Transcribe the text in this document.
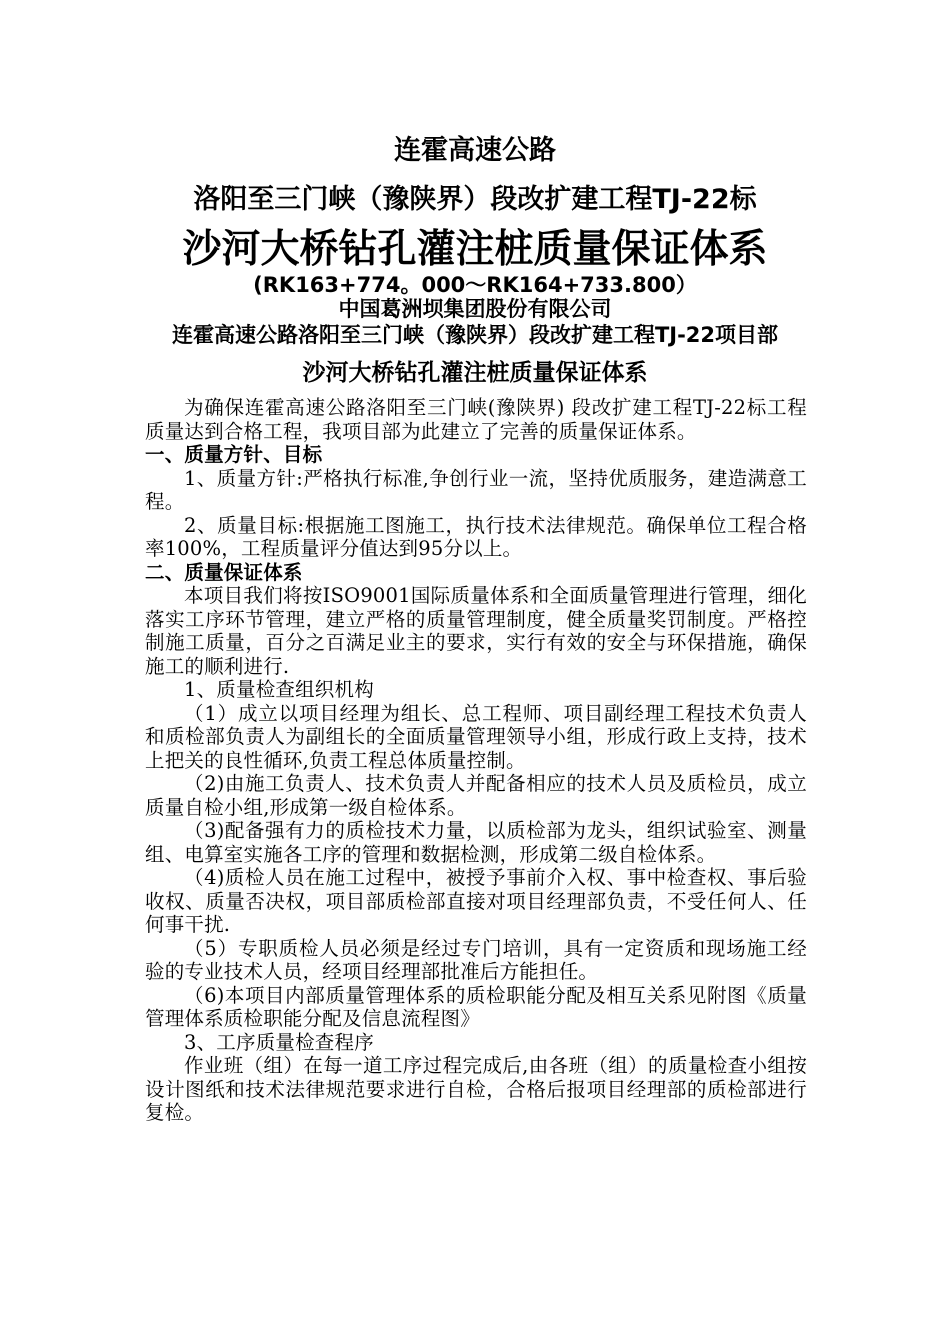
连霍高速公路
洛阳至三门峡（豫陕界）段改扩建工程TJ-22标
沙河大桥钻孔灌注桩质量保证体系
(RK163+774。000～RK164+733.800）
中国葛洲坝集团股份有限公司
连霍高速公路洛阳至三门峡（豫陕界）段改扩建工程TJ-22项目部
沙河大桥钻孔灌注桩质量保证体系

为确保连霍高速公路洛阳至三门峡(豫陕界) 段改扩建工程TJ-22标工程质量达到合格工程，我项目部为此建立了完善的质量保证体系。

一、质量方针、目标

1、质量方针:严格执行标准,争创行业一流，坚持优质服务，建造满意工程。

2、质量目标:根据施工图施工，执行技术法律规范。确保单位工程合格率100%，工程质量评分值达到95分以上。

二、质量保证体系

本项目我们将按ISO9001国际质量体系和全面质量管理进行管理，细化落实工序环节管理，建立严格的质量管理制度，健全质量奖罚制度。严格控制施工质量，百分之百满足业主的要求，实行有效的安全与环保措施，确保施工的顺利进行.

1、质量检查组织机构

（1）成立以项目经理为组长、总工程师、项目副经理工程技术负责人和质检部负责人为副组长的全面质量管理领导小组，形成行政上支持，技术上把关的良性循环,负责工程总体质量控制。

（2)由施工负责人、技术负责人并配备相应的技术人员及质检员，成立质量自检小组,形成第一级自检体系。

（3)配备强有力的质检技术力量，以质检部为龙头，组织试验室、测量组、电算室实施各工序的管理和数据检测，形成第二级自检体系。

（4)质检人员在施工过程中，被授予事前介入权、事中检查权、事后验收权、质量否决权，项目部质检部直接对项目经理部负责，不受任何人、任何事干扰.

（5）专职质检人员必须是经过专门培训，具有一定资质和现场施工经验的专业技术人员，经项目经理部批准后方能担任。

（6)本项目内部质量管理体系的质检职能分配及相互关系见附图《质量管理体系质检职能分配及信息流程图》

3、工序质量检查程序

作业班（组）在每一道工序过程完成后,由各班（组）的质量检查小组按设计图纸和技术法律规范要求进行自检，合格后报项目经理部的质检部进行复检。
